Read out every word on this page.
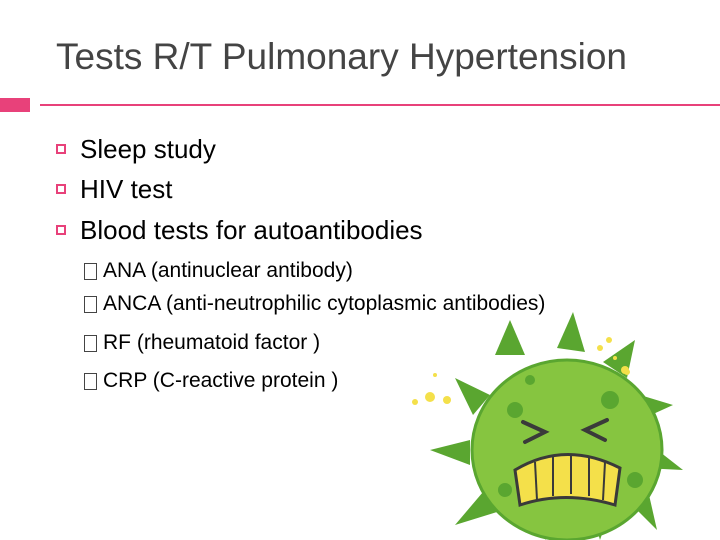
Tests R/T Pulmonary Hypertension
Sleep study
HIV test
Blood tests for autoantibodies
ANA (antinuclear antibody)
ANCA (anti-neutrophilic cytoplasmic antibodies)
RF (rheumatoid factor )
CRP (C-reactive protein )
